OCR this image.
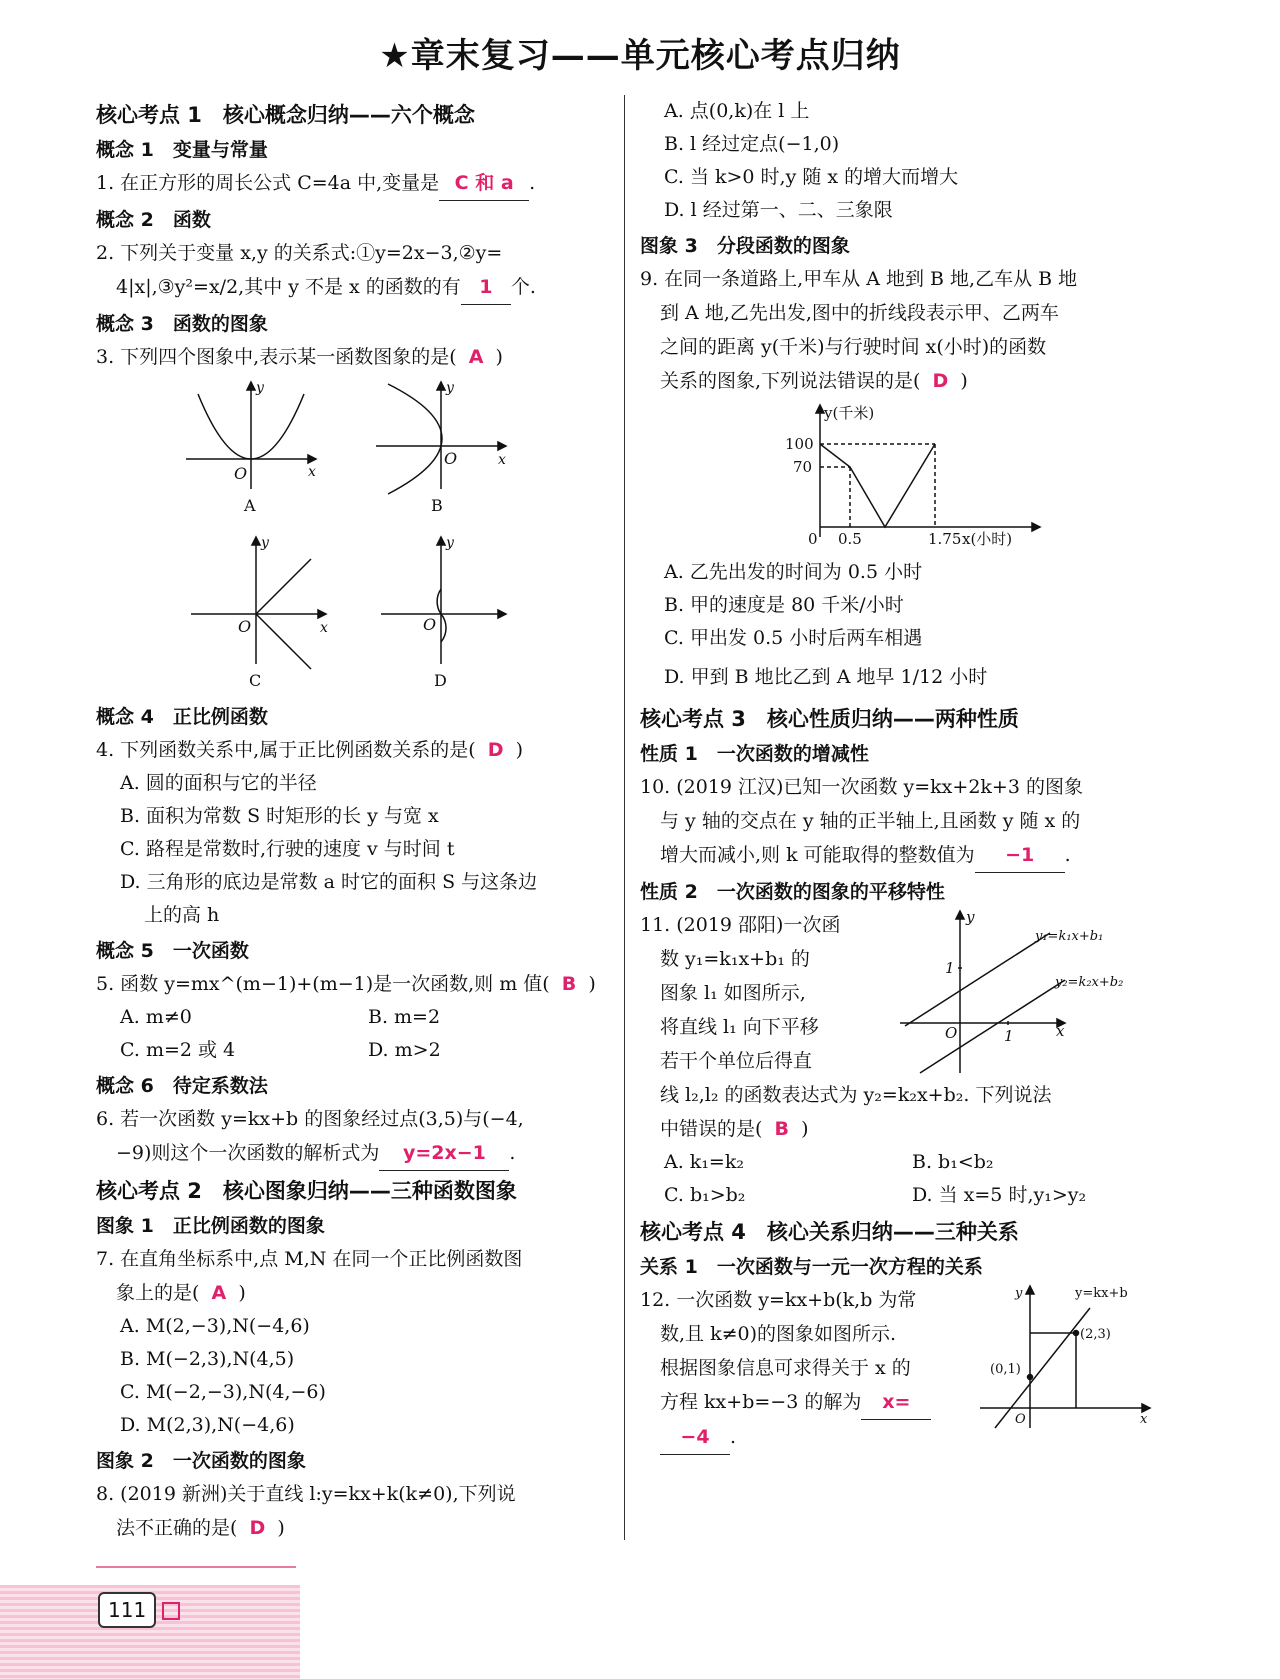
★章末复习——单元核心考点归纳
核心考点 1　核心概念归纳——六个概念
概念 1　变量与常量

1. 在正方形的周长公式 C=4a 中,变量是 C 和 a .

概念 2　函数

2. 下列关于变量 x,y 的关系式:①y=2x−3,②y=

4|x|,③y²=x/2,其中 y 不是 x 的函数的有 1 个.

概念 3　函数的图象

3. 下列四个图象中,表示某一函数图象的是( A )

O	x
y
A
O	x
y
B
O	x
y
C
O
y
D
概念 4　正比例函数

4. 下列函数关系中,属于正比例函数关系的是( D )

A. 圆的面积与它的半径
B. 面积为常数 S 时矩形的长 y 与宽 x
C. 路程是常数时,行驶的速度 v 与时间 t
D. 三角形的底边是常数 a 时它的面积 S 与这条边
上的高 h
概念 5　一次函数

5. 函数 y=mx^(m−1)+(m−1)是一次函数,则 m 值( B )

A. m≠0	B. m=2
C. m=2 或 4	D. m>2
概念 6　待定系数法

6. 若一次函数 y=kx+b 的图象经过点(3,5)与(−4,

−9)则这个一次函数的解析式为 y=2x−1 .

核心考点 2　核心图象归纳——三种函数图象
图象 1　正比例函数的图象

7. 在直角坐标系中,点 M,N 在同一个正比例函数图

象上的是( A )

A. M(2,−3),N(−4,6)
B. M(−2,3),N(4,5)
C. M(−2,−3),N(4,−6)
D. M(2,3),N(−4,6)
图象 2　一次函数的图象

8. (2019 新洲)关于直线 l:y=kx+k(k≠0),下列说

法不正确的是( D )

A. 点(0,k)在 l 上
B. l 经过定点(−1,0)
C. 当 k>0 时,y 随 x 的增大而增大
D. l 经过第一、二、三象限
图象 3　分段函数的图象

9. 在同一条道路上,甲车从 A 地到 B 地,乙车从 B 地

到 A 地,乙先出发,图中的折线段表示甲、乙两车

之间的距离 y(千米)与行驶时间 x(小时)的函数

关系的图象,下列说法错误的是( D )

y(千米)
100
70
0 0.5	1.75 x(小时)
A. 乙先出发的时间为 0.5 小时
B. 甲的速度是 80 千米/小时
C. 甲出发 0.5 小时后两车相遇
D. 甲到 B 地比乙到 A 地早 1/12 小时
核心考点 3　核心性质归纳——两种性质
性质 1　一次函数的增减性

10. (2019 江汉)已知一次函数 y=kx+2k+3 的图象

与 y 轴的交点在 y 轴的正半轴上,且函数 y 随 x 的

增大而减小,则 k 可能取得的整数值为 −1 .

性质 2　一次函数的图象的平移特性

11. (2019 邵阳)一次函

数 y₁=k₁x+b₁ 的

图象 l₁ 如图所示,

将直线 l₁ 向下平移

若干个单位后得直

y
x
O
1
1
y₁=k₁x+b₁
y₂=k₂x+b₂

线 l₂,l₂ 的函数表达式为 y₂=k₂x+b₂. 下列说法

中错误的是( B )

A. k₁=k₂	B. b₁<b₂
C. b₁>b₂	D. 当 x=5 时,y₁>y₂
核心考点 4　核心关系归纳——三种关系
关系 1　一次函数与一元一次方程的关系

12. 一次函数 y=kx+b(k,b 为常

数,且 k≠0)的图象如图所示.

根据图象信息可求得关于 x 的

方程 kx+b=−3 的解为 x=

−4 .

y
x
O
y=kx+b
(2,3)
(0,1)
111
